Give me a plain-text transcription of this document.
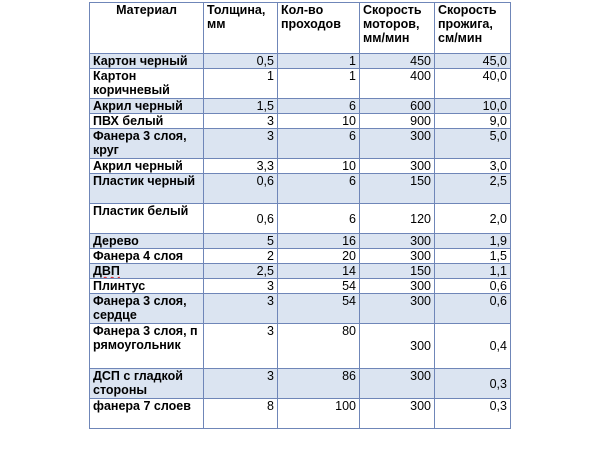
Материал	Толщина, мм	Кол-во проходов	Скорость моторов, мм/мин	Скорость прожига, см/мин
Картон черный	0,5	1	450	45,0
Картон коричневый	1	1	400	40,0
Акрил черный	1,5	6	600	10,0
ПВХ белый	3	10	900	9,0
Фанера 3 слоя, круг	3	6	300	5,0
Акрил черный	3,3	10	300	3,0
Пластик черный	0,6	6	150	2,5
Пластик белый	0,6	6	120	2,0
Дерево	5	16	300	1,9
Фанера 4 слоя	2	20	300	1,5
ДВП	2,5	14	150	1,1
Плинтус	3	54	300	0,6
Фанера 3 слоя, сердце	3	54	300	0,6
Фанера 3 слоя, прямоугольник	3	80	300	0,4
ДСП с гладкой стороны	3	86	300	0,3
фанера 7 слоев	8	100	300	0,3
